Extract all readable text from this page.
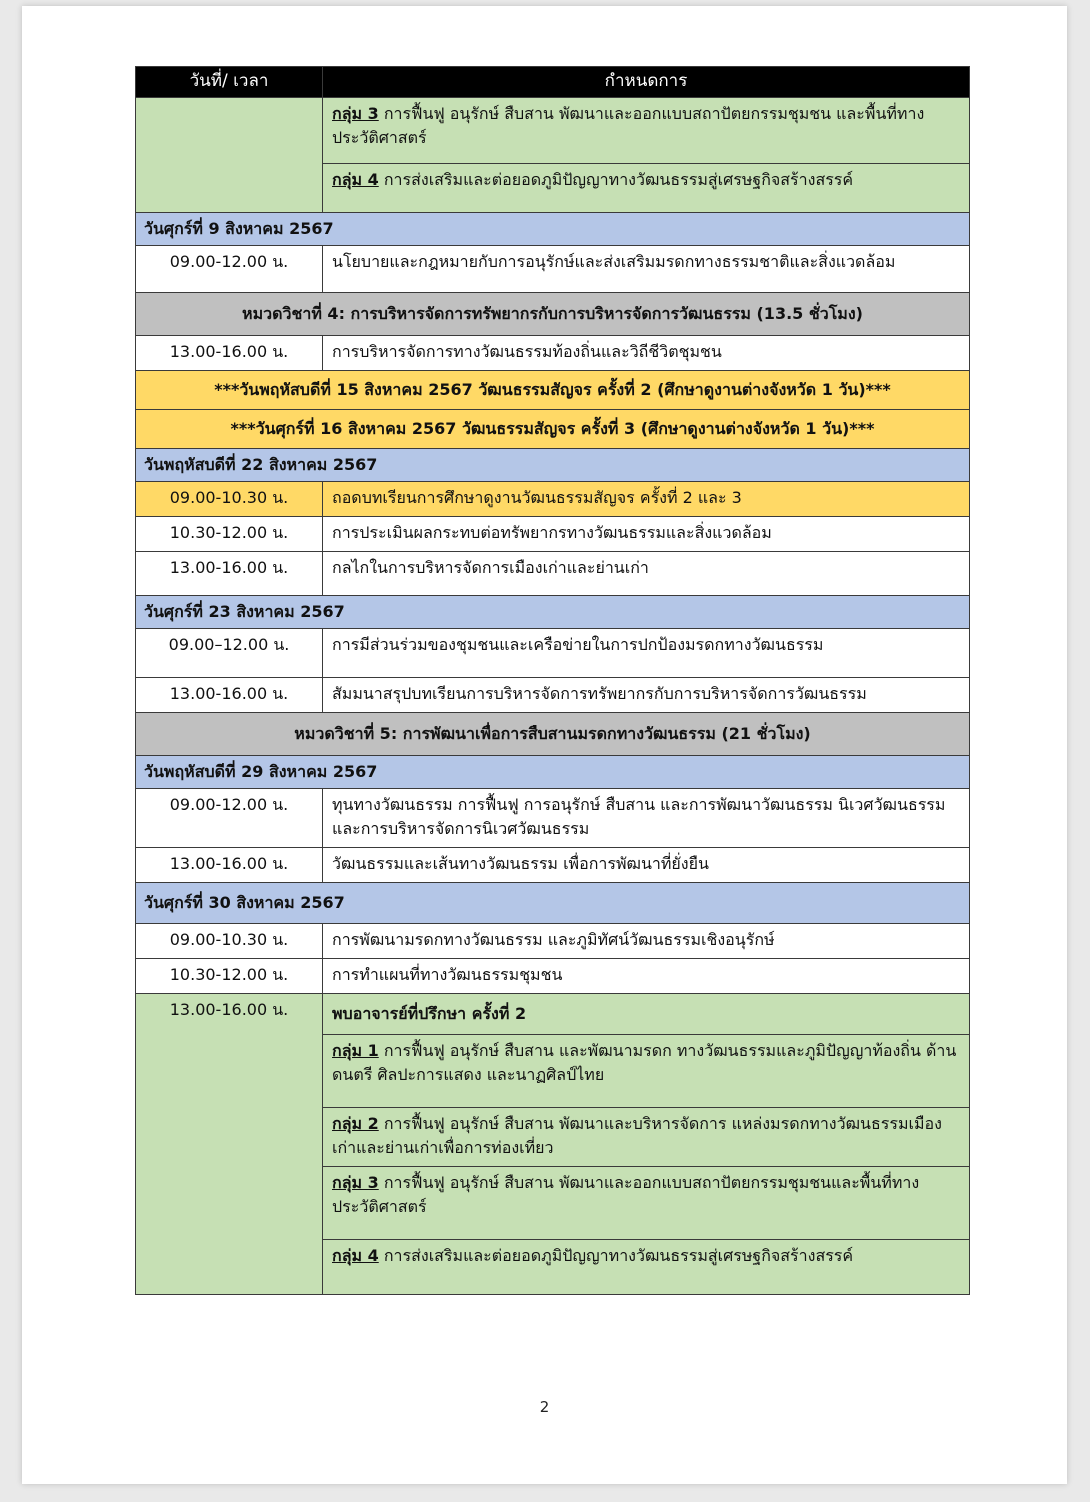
วันที่/ เวลา	กำหนดการ
	กลุ่ม 3 การฟื้นฟู อนุรักษ์ สืบสาน พัฒนาและออกแบบสถาปัตยกรรมชุมชน และพื้นที่ทางประวัติศาสตร์
	กลุ่ม 4 การส่งเสริมและต่อยอดภูมิปัญญาทางวัฒนธรรมสู่เศรษฐกิจสร้างสรรค์
วันศุกร์ที่ 9 สิงหาคม 2567	
09.00-12.00 น.	นโยบายและกฎหมายกับการอนุรักษ์และส่งเสริมมรดกทางธรรมชาติและสิ่งแวดล้อม
หมวดวิชาที่ 4: การบริหารจัดการทรัพยากรกับการบริหารจัดการวัฒนธรรม (13.5 ชั่วโมง)	
13.00-16.00 น.	การบริหารจัดการทางวัฒนธรรมท้องถิ่นและวิถีชีวิตชุมชน
***วันพฤหัสบดีที่ 15 สิงหาคม 2567 วัฒนธรรมสัญจร ครั้งที่ 2 (ศึกษาดูงานต่างจังหวัด 1 วัน)***	
***วันศุกร์ที่ 16 สิงหาคม 2567 วัฒนธรรมสัญจร ครั้งที่ 3 (ศึกษาดูงานต่างจังหวัด 1 วัน)***	
วันพฤหัสบดีที่ 22 สิงหาคม 2567	
09.00-10.30 น.	ถอดบทเรียนการศึกษาดูงานวัฒนธรรมสัญจร ครั้งที่ 2 และ 3
10.30-12.00 น.	การประเมินผลกระทบต่อทรัพยากรทางวัฒนธรรมและสิ่งแวดล้อม
13.00-16.00 น.	กลไกในการบริหารจัดการเมืองเก่าและย่านเก่า
วันศุกร์ที่ 23 สิงหาคม 2567	
09.00–12.00 น.	การมีส่วนร่วมของชุมชนและเครือข่ายในการปกป้องมรดกทางวัฒนธรรม
13.00-16.00 น.	สัมมนาสรุปบทเรียนการบริหารจัดการทรัพยากรกับการบริหารจัดการวัฒนธรรม
หมวดวิชาที่ 5: การพัฒนาเพื่อการสืบสานมรดกทางวัฒนธรรม (21 ชั่วโมง)	
วันพฤหัสบดีที่ 29 สิงหาคม 2567	
09.00-12.00 น.	ทุนทางวัฒนธรรม การฟื้นฟู การอนุรักษ์ สืบสาน และการพัฒนาวัฒนธรรม นิเวศวัฒนธรรม และการบริหารจัดการนิเวศวัฒนธรรม
13.00-16.00 น.	วัฒนธรรมและเส้นทางวัฒนธรรม เพื่อการพัฒนาที่ยั่งยืน
วันศุกร์ที่ 30 สิงหาคม 2567	
09.00-10.30 น.	การพัฒนามรดกทางวัฒนธรรม และภูมิทัศน์วัฒนธรรมเชิงอนุรักษ์
10.30-12.00 น.	การทำแผนที่ทางวัฒนธรรมชุมชน
13.00-16.00 น.	พบอาจารย์ที่ปรึกษา ครั้งที่ 2
	กลุ่ม 1 การฟื้นฟู อนุรักษ์ สืบสาน และพัฒนามรดก ทางวัฒนธรรมและภูมิปัญญาท้องถิ่น ด้านดนตรี ศิลปะการแสดง และนาฏศิลป์ไทย
	กลุ่ม 2 การฟื้นฟู อนุรักษ์ สืบสาน พัฒนาและบริหารจัดการ แหล่งมรดกทางวัฒนธรรมเมืองเก่าและย่านเก่าเพื่อการท่องเที่ยว
	กลุ่ม 3 การฟื้นฟู อนุรักษ์ สืบสาน พัฒนาและออกแบบสถาปัตยกรรมชุมชนและพื้นที่ทางประวัติศาสตร์
	กลุ่ม 4 การส่งเสริมและต่อยอดภูมิปัญญาทางวัฒนธรรมสู่เศรษฐกิจสร้างสรรค์
2
